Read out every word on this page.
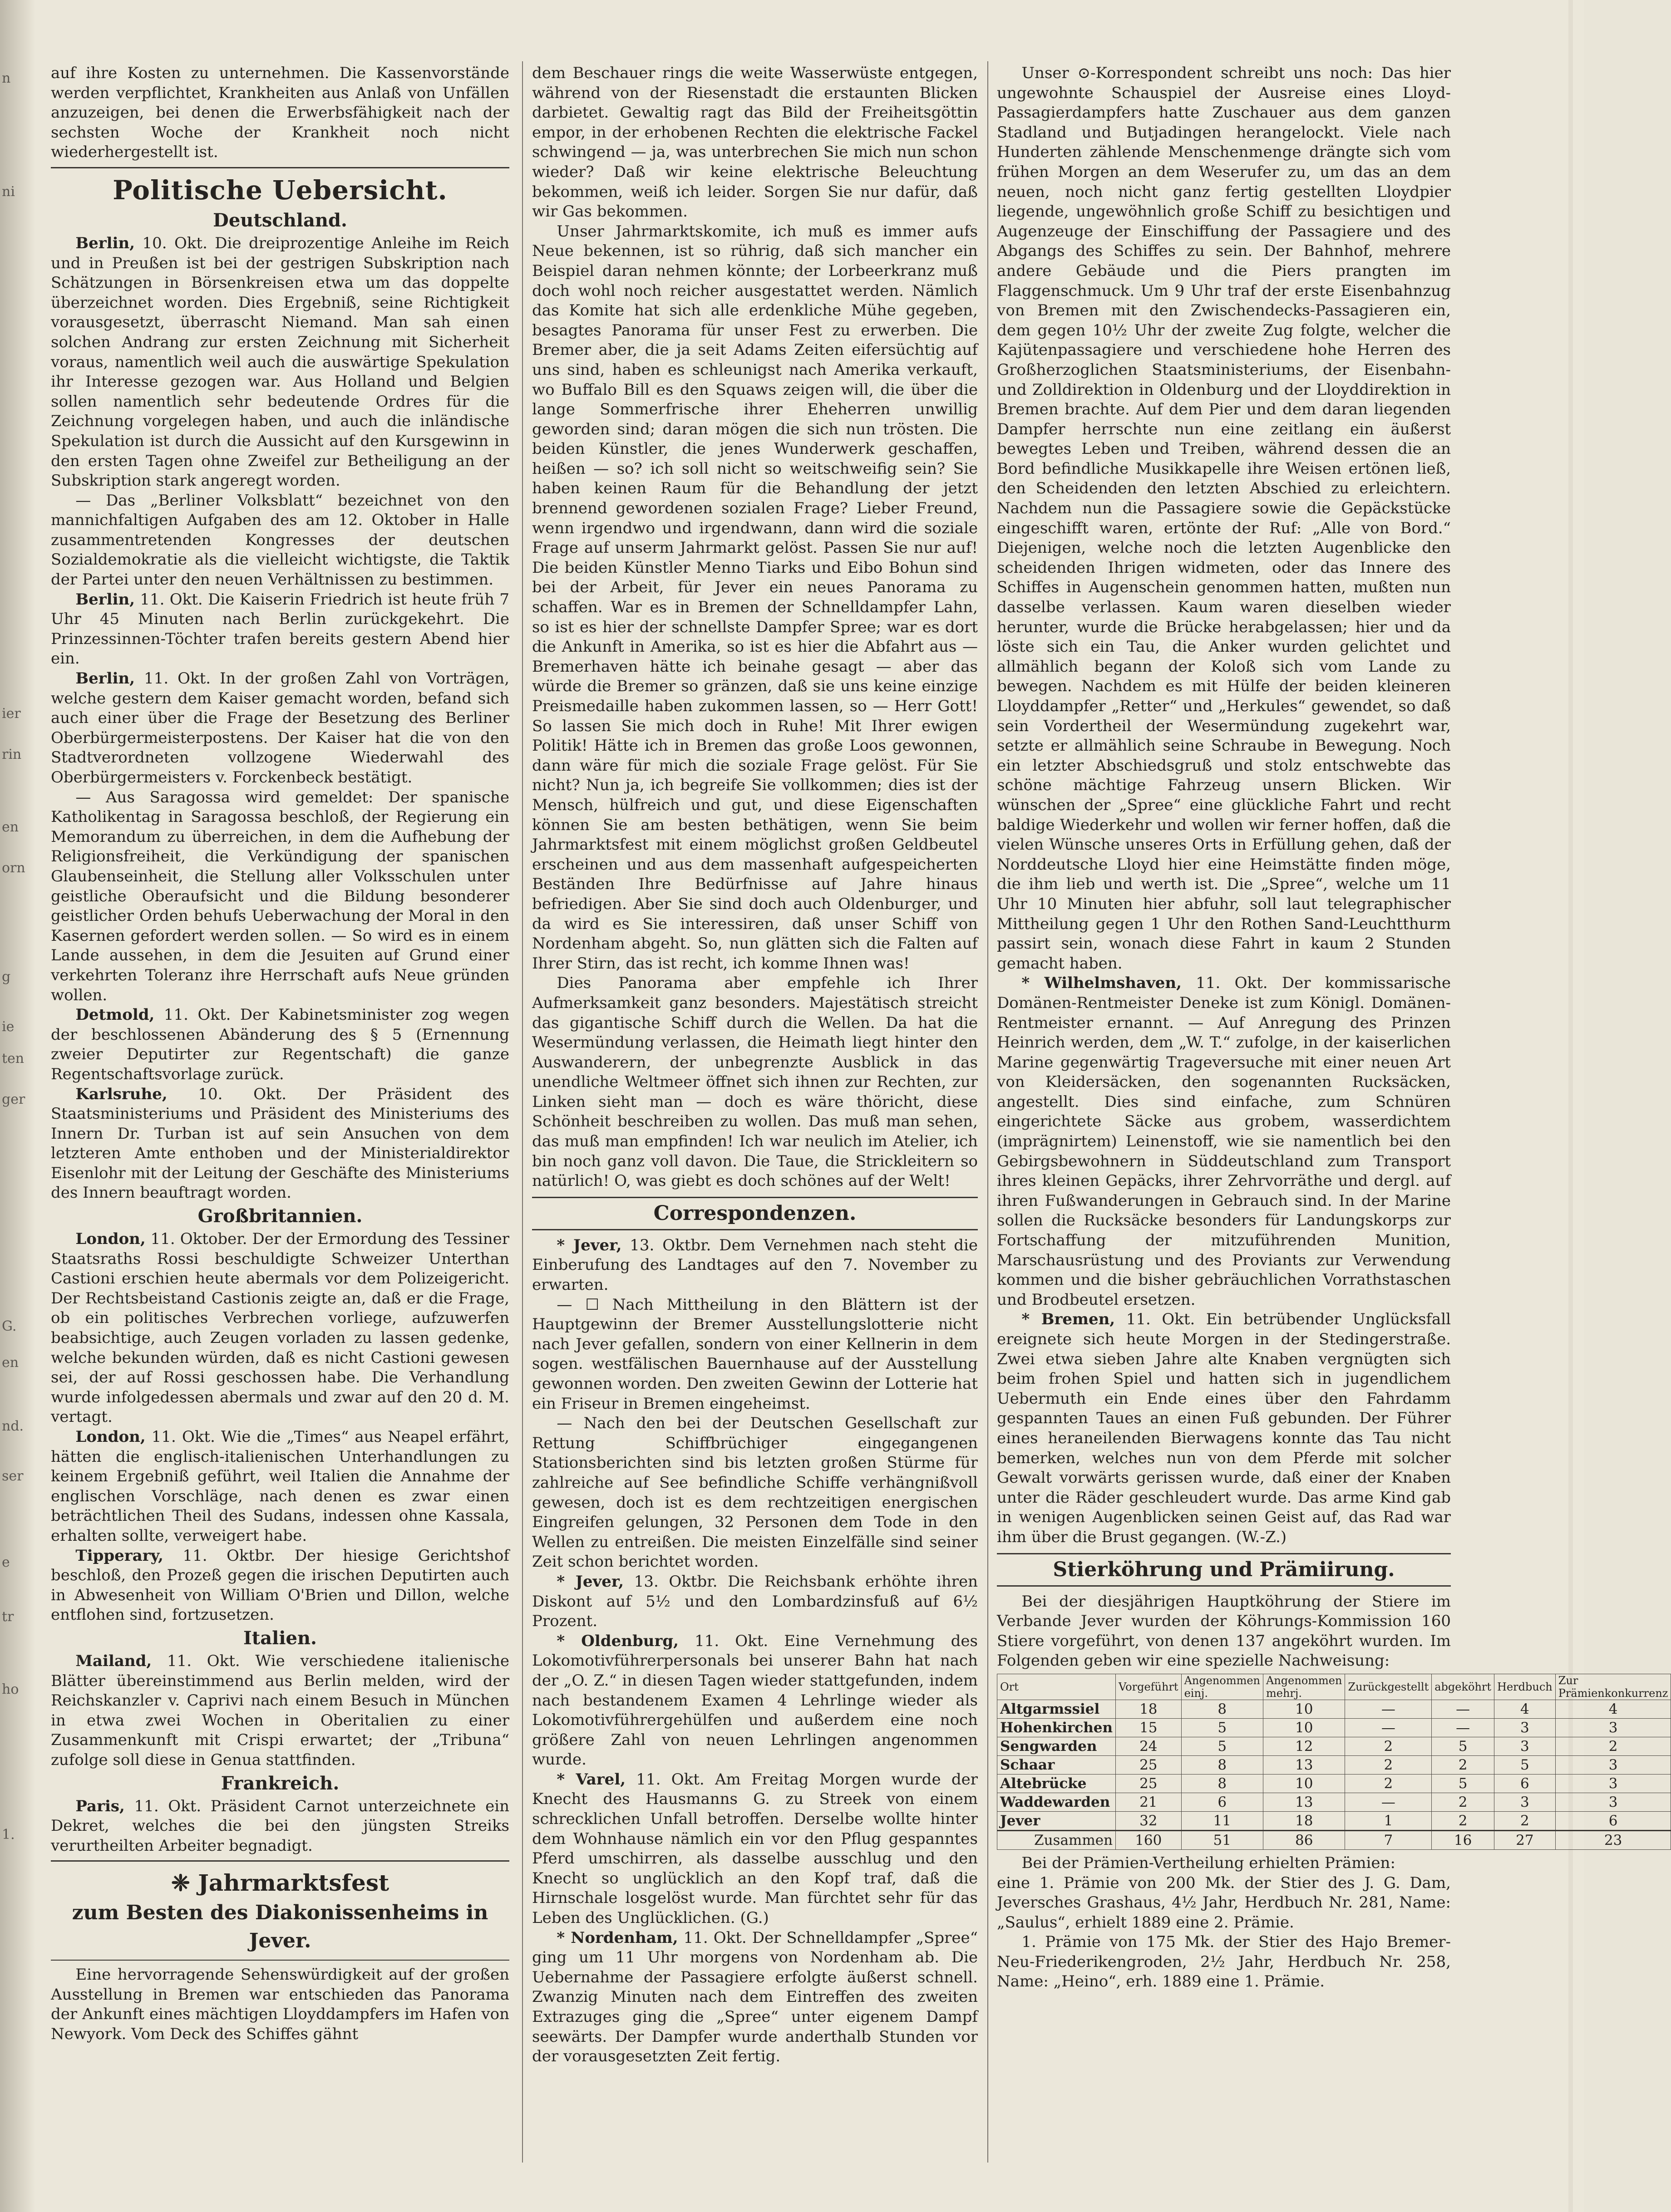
n
ni
ier
rin
en
orn
g
ie
ten
ger
G.
en
nd.
ser
e
tr
ho
1.

auf ihre Kosten zu unternehmen. Die Kassenvorstände werden verpflichtet, Krankheiten aus Anlaß von Unfällen anzuzeigen, bei denen die Erwerbsfähigkeit nach der sechsten Woche der Krankheit noch nicht wiederhergestellt ist.

Politische Uebersicht.
Deutschland.

Berlin, 10. Okt. Die dreiprozentige Anleihe im Reich und in Preußen ist bei der gestrigen Subskription nach Schätzungen in Börsenkreisen etwa um das doppelte überzeichnet worden. Dies Ergebniß, seine Richtigkeit vorausgesetzt, überrascht Niemand. Man sah einen solchen Andrang zur ersten Zeichnung mit Sicherheit voraus, namentlich weil auch die auswärtige Spekulation ihr Interesse gezogen war. Aus Holland und Belgien sollen namentlich sehr bedeutende Ordres für die Zeichnung vorgelegen haben, und auch die inländische Spekulation ist durch die Aussicht auf den Kursgewinn in den ersten Tagen ohne Zweifel zur Betheiligung an der Subskription stark angeregt worden.

— Das „Berliner Volksblatt“ bezeichnet von den mannichfaltigen Aufgaben des am 12. Oktober in Halle zusammentretenden Kongresses der deutschen Sozialdemokratie als die vielleicht wichtigste, die Taktik der Partei unter den neuen Verhältnissen zu bestimmen.

Berlin, 11. Okt. Die Kaiserin Friedrich ist heute früh 7 Uhr 45 Minuten nach Berlin zurückgekehrt. Die Prinzessinnen-Töchter trafen bereits gestern Abend hier ein.

Berlin, 11. Okt. In der großen Zahl von Vorträgen, welche gestern dem Kaiser gemacht worden, befand sich auch einer über die Frage der Besetzung des Berliner Oberbürgermeisterpostens. Der Kaiser hat die von den Stadtverordneten vollzogene Wiederwahl des Oberbürgermeisters v. Forckenbeck bestätigt.

— Aus Saragossa wird gemeldet: Der spanische Katholikentag in Saragossa beschloß, der Regierung ein Memorandum zu überreichen, in dem die Aufhebung der Religionsfreiheit, die Verkündigung der spanischen Glaubenseinheit, die Stellung aller Volksschulen unter geistliche Oberaufsicht und die Bildung besonderer geistlicher Orden behufs Ueberwachung der Moral in den Kasernen gefordert werden sollen. — So wird es in einem Lande aussehen, in dem die Jesuiten auf Grund einer verkehrten Toleranz ihre Herrschaft aufs Neue gründen wollen.

Detmold, 11. Okt. Der Kabinetsminister zog wegen der beschlossenen Abänderung des § 5 (Ernennung zweier Deputirter zur Regentschaft) die ganze Regentschaftsvorlage zurück.

Karlsruhe, 10. Okt. Der Präsident des Staatsministeriums und Präsident des Ministeriums des Innern Dr. Turban ist auf sein Ansuchen von dem letzteren Amte enthoben und der Ministerialdirektor Eisenlohr mit der Leitung der Geschäfte des Ministeriums des Innern beauftragt worden.

Großbritannien.

London, 11. Oktober. Der der Ermordung des Tessiner Staatsraths Rossi beschuldigte Schweizer Unterthan Castioni erschien heute abermals vor dem Polizeigericht. Der Rechtsbeistand Castionis zeigte an, daß er die Frage, ob ein politisches Verbrechen vorliege, aufzuwerfen beabsichtige, auch Zeugen vorladen zu lassen gedenke, welche bekunden würden, daß es nicht Castioni gewesen sei, der auf Rossi geschossen habe. Die Verhandlung wurde infolgedessen abermals und zwar auf den 20 d. M. vertagt.

London, 11. Okt. Wie die „Times“ aus Neapel erfährt, hätten die englisch-italienischen Unterhandlungen zu keinem Ergebniß geführt, weil Italien die Annahme der englischen Vorschläge, nach denen es zwar einen beträchtlichen Theil des Sudans, indessen ohne Kassala, erhalten sollte, verweigert habe.

Tipperary, 11. Oktbr. Der hiesige Gerichtshof beschloß, den Prozeß gegen die irischen Deputirten auch in Abwesenheit von William O'Brien und Dillon, welche entflohen sind, fortzusetzen.

Italien.

Mailand, 11. Okt. Wie verschiedene italienische Blätter übereinstimmend aus Berlin melden, wird der Reichskanzler v. Caprivi nach einem Besuch in München in etwa zwei Wochen in Oberitalien zu einer Zusammenkunft mit Crispi erwartet; der „Tribuna“ zufolge soll diese in Genua stattfinden.

Frankreich.

Paris, 11. Okt. Präsident Carnot unterzeichnete ein Dekret, welches die bei den jüngsten Streiks verurtheilten Arbeiter begnadigt.

❈ Jahrmarktsfest
zum Besten des Diakonissenheims in Jever.

Eine hervorragende Sehenswürdigkeit auf der großen Ausstellung in Bremen war entschieden das Panorama der Ankunft eines mächtigen Lloyddampfers im Hafen von Newyork. Vom Deck des Schiffes gähnt

dem Beschauer rings die weite Wasserwüste entgegen, während von der Riesenstadt die erstaunten Blicken darbietet. Gewaltig ragt das Bild der Freiheitsgöttin empor, in der erhobenen Rechten die elektrische Fackel schwingend — ja, was unterbrechen Sie mich nun schon wieder? Daß wir keine elektrische Beleuchtung bekommen, weiß ich leider. Sorgen Sie nur dafür, daß wir Gas bekommen.

Unser Jahrmarktskomite, ich muß es immer aufs Neue bekennen, ist so rührig, daß sich mancher ein Beispiel daran nehmen könnte; der Lorbeerkranz muß doch wohl noch reicher ausgestattet werden. Nämlich das Komite hat sich alle erdenkliche Mühe gegeben, besagtes Panorama für unser Fest zu erwerben. Die Bremer aber, die ja seit Adams Zeiten eifersüchtig auf uns sind, haben es schleunigst nach Amerika verkauft, wo Buffalo Bill es den Squaws zeigen will, die über die lange Sommerfrische ihrer Eheherren unwillig geworden sind; daran mögen die sich nun trösten. Die beiden Künstler, die jenes Wunderwerk geschaffen, heißen — so? ich soll nicht so weitschweifig sein? Sie haben keinen Raum für die Behandlung der jetzt brennend gewordenen sozialen Frage? Lieber Freund, wenn irgendwo und irgendwann, dann wird die soziale Frage auf unserm Jahrmarkt gelöst. Passen Sie nur auf! Die beiden Künstler Menno Tiarks und Eibo Bohun sind bei der Arbeit, für Jever ein neues Panorama zu schaffen. War es in Bremen der Schnelldampfer Lahn, so ist es hier der schnellste Dampfer Spree; war es dort die Ankunft in Amerika, so ist es hier die Abfahrt aus — Bremerhaven hätte ich beinahe gesagt — aber das würde die Bremer so gränzen, daß sie uns keine einzige Preismedaille haben zukommen lassen, so — Herr Gott! So lassen Sie mich doch in Ruhe! Mit Ihrer ewigen Politik! Hätte ich in Bremen das große Loos gewonnen, dann wäre für mich die soziale Frage gelöst. Für Sie nicht? Nun ja, ich begreife Sie vollkommen; dies ist der Mensch, hülfreich und gut, und diese Eigenschaften können Sie am besten bethätigen, wenn Sie beim Jahrmarktsfest mit einem möglichst großen Geldbeutel erscheinen und aus dem massenhaft aufgespeicherten Beständen Ihre Bedürfnisse auf Jahre hinaus befriedigen. Aber Sie sind doch auch Oldenburger, und da wird es Sie interessiren, daß unser Schiff von Nordenham abgeht. So, nun glätten sich die Falten auf Ihrer Stirn, das ist recht, ich komme Ihnen was!

Dies Panorama aber empfehle ich Ihrer Aufmerksamkeit ganz besonders. Majestätisch streicht das gigantische Schiff durch die Wellen. Da hat die Wesermündung verlassen, die Heimath liegt hinter den Auswanderern, der unbegrenzte Ausblick in das unendliche Weltmeer öffnet sich ihnen zur Rechten, zur Linken sieht man — doch es wäre thöricht, diese Schönheit beschreiben zu wollen. Das muß man sehen, das muß man empfinden! Ich war neulich im Atelier, ich bin noch ganz voll davon. Die Taue, die Strickleitern so natürlich! O, was giebt es doch schönes auf der Welt!

Correspondenzen.

* Jever, 13. Oktbr. Dem Vernehmen nach steht die Einberufung des Landtages auf den 7. November zu erwarten.

— ☐ Nach Mittheilung in den Blättern ist der Hauptgewinn der Bremer Ausstellungslotterie nicht nach Jever gefallen, sondern von einer Kellnerin in dem sogen. westfälischen Bauernhause auf der Ausstellung gewonnen worden. Den zweiten Gewinn der Lotterie hat ein Friseur in Bremen eingeheimst.

— Nach den bei der Deutschen Gesellschaft zur Rettung Schiffbrüchiger eingegangenen Stationsberichten sind bis letzten großen Stürme für zahlreiche auf See befindliche Schiffe verhängnißvoll gewesen, doch ist es dem rechtzeitigen energischen Eingreifen gelungen, 32 Personen dem Tode in den Wellen zu entreißen. Die meisten Einzelfälle sind seiner Zeit schon berichtet worden.

* Jever, 13. Oktbr. Die Reichsbank erhöhte ihren Diskont auf 5½ und den Lombardzinsfuß auf 6½ Prozent.

* Oldenburg, 11. Okt. Eine Vernehmung des Lokomotivführerpersonals bei unserer Bahn hat nach der „O. Z.“ in diesen Tagen wieder stattgefunden, indem nach bestandenem Examen 4 Lehrlinge wieder als Lokomotivführergehülfen und außerdem eine noch größere Zahl von neuen Lehrlingen angenommen wurde.

* Varel, 11. Okt. Am Freitag Morgen wurde der Knecht des Hausmanns G. zu Streek von einem schrecklichen Unfall betroffen. Derselbe wollte hinter dem Wohnhause nämlich ein vor den Pflug gespanntes Pferd umschirren, als dasselbe ausschlug und den Knecht so unglücklich an den Kopf traf, daß die Hirnschale losgelöst wurde. Man fürchtet sehr für das Leben des Unglücklichen. (G.)

* Nordenham, 11. Okt. Der Schnelldampfer „Spree“ ging um 11 Uhr morgens von Nordenham ab. Die Uebernahme der Passagiere erfolgte äußerst schnell. Zwanzig Minuten nach dem Eintreffen des zweiten Extrazuges ging die „Spree“ unter eigenem Dampf seewärts. Der Dampfer wurde anderthalb Stunden vor der vorausgesetzten Zeit fertig.

Unser ⊙-Korrespondent schreibt uns noch: Das hier ungewohnte Schauspiel der Ausreise eines Lloyd-Passagierdampfers hatte Zuschauer aus dem ganzen Stadland und Butjadingen herangelockt. Viele nach Hunderten zählende Menschenmenge drängte sich vom frühen Morgen an dem Weserufer zu, um das an dem neuen, noch nicht ganz fertig gestellten Lloydpier liegende, ungewöhnlich große Schiff zu besichtigen und Augenzeuge der Einschiffung der Passagiere und des Abgangs des Schiffes zu sein. Der Bahnhof, mehrere andere Gebäude und die Piers prangten im Flaggenschmuck. Um 9 Uhr traf der erste Eisenbahnzug von Bremen mit den Zwischendecks-Passagieren ein, dem gegen 10½ Uhr der zweite Zug folgte, welcher die Kajütenpassagiere und verschiedene hohe Herren des Großherzoglichen Staatsministeriums, der Eisenbahn- und Zolldirektion in Oldenburg und der Lloyddirektion in Bremen brachte. Auf dem Pier und dem daran liegenden Dampfer herrschte nun eine zeitlang ein äußerst bewegtes Leben und Treiben, während dessen die an Bord befindliche Musikkapelle ihre Weisen ertönen ließ, den Scheidenden den letzten Abschied zu erleichtern. Nachdem nun die Passagiere sowie die Gepäckstücke eingeschifft waren, ertönte der Ruf: „Alle von Bord.“ Diejenigen, welche noch die letzten Augenblicke den scheidenden Ihrigen widmeten, oder das Innere des Schiffes in Augenschein genommen hatten, mußten nun dasselbe verlassen. Kaum waren dieselben wieder herunter, wurde die Brücke herabgelassen; hier und da löste sich ein Tau, die Anker wurden gelichtet und allmählich begann der Koloß sich vom Lande zu bewegen. Nachdem es mit Hülfe der beiden kleineren Lloyddampfer „Retter“ und „Herkules“ gewendet, so daß sein Vordertheil der Wesermündung zugekehrt war, setzte er allmählich seine Schraube in Bewegung. Noch ein letzter Abschiedsgruß und stolz entschwebte das schöne mächtige Fahrzeug unsern Blicken. Wir wünschen der „Spree“ eine glückliche Fahrt und recht baldige Wiederkehr und wollen wir ferner hoffen, daß die vielen Wünsche unseres Orts in Erfüllung gehen, daß der Norddeutsche Lloyd hier eine Heimstätte finden möge, die ihm lieb und werth ist. Die „Spree“, welche um 11 Uhr 10 Minuten hier abfuhr, soll laut telegraphischer Mittheilung gegen 1 Uhr den Rothen Sand-Leuchtthurm passirt sein, wonach diese Fahrt in kaum 2 Stunden gemacht haben.

* Wilhelmshaven, 11. Okt. Der kommissarische Domänen-Rentmeister Deneke ist zum Königl. Domänen-Rentmeister ernannt. — Auf Anregung des Prinzen Heinrich werden, dem „W. T.“ zufolge, in der kaiserlichen Marine gegenwärtig Trageversuche mit einer neuen Art von Kleidersäcken, den sogenannten Rucksäcken, angestellt. Dies sind einfache, zum Schnüren eingerichtete Säcke aus grobem, wasserdichtem (imprägnirtem) Leinenstoff, wie sie namentlich bei den Gebirgsbewohnern in Süddeutschland zum Transport ihres kleinen Gepäcks, ihrer Zehrvorräthe und dergl. auf ihren Fußwanderungen in Gebrauch sind. In der Marine sollen die Rucksäcke besonders für Landungskorps zur Fortschaffung der mitzuführenden Munition, Marschausrüstung und des Proviants zur Verwendung kommen und die bisher gebräuchlichen Vorrathstaschen und Brodbeutel ersetzen.

* Bremen, 11. Okt. Ein betrübender Unglücksfall ereignete sich heute Morgen in der Stedingerstraße. Zwei etwa sieben Jahre alte Knaben vergnügten sich beim frohen Spiel und hatten sich in jugendlichem Uebermuth ein Ende eines über den Fahrdamm gespannten Taues an einen Fuß gebunden. Der Führer eines heraneilenden Bierwagens konnte das Tau nicht bemerken, welches nun von dem Pferde mit solcher Gewalt vorwärts gerissen wurde, daß einer der Knaben unter die Räder geschleudert wurde. Das arme Kind gab in wenigen Augenblicken seinen Geist auf, das Rad war ihm über die Brust gegangen. (W.-Z.)

Stierköhrung und Prämiirung.

Bei der diesjährigen Hauptköhrung der Stiere im Verbande Jever wurden der Köhrungs-Kommission 160 Stiere vorgeführt, von denen 137 angeköhrt wurden. Im Folgenden geben wir eine spezielle Nachweisung:

Ort	Vorgeführt	Angenommen einj.	Angenommen mehrj.	Zurückgestellt	abgeköhrt	Herdbuch	Zur Prämienkonkurrenz
Altgarmssiel	18	8	10	—	—	4	4
Hohenkirchen	15	5	10	—	—	3	3
Sengwarden	24	5	12	2	5	3	2
Schaar	25	8	13	2	2	5	3
Altebrücke	25	8	10	2	5	6	3
Waddewarden	21	6	13	—	2	3	3
Jever	32	11	18	1	2	2	6
Zusammen	160	51	86	7	16	27	23

Bei der Prämien-Vertheilung erhielten Prämien:

eine 1. Prämie von 200 Mk. der Stier des J. G. Dam, Jeversches Grashaus, 4½ Jahr, Herdbuch Nr. 281, Name: „Saulus“, erhielt 1889 eine 2. Prämie.

1. Prämie von 175 Mk. der Stier des Hajo Bremer-Neu-Friederikengroden, 2½ Jahr, Herdbuch Nr. 258, Name: „Heino“, erh. 1889 eine 1. Prämie.
